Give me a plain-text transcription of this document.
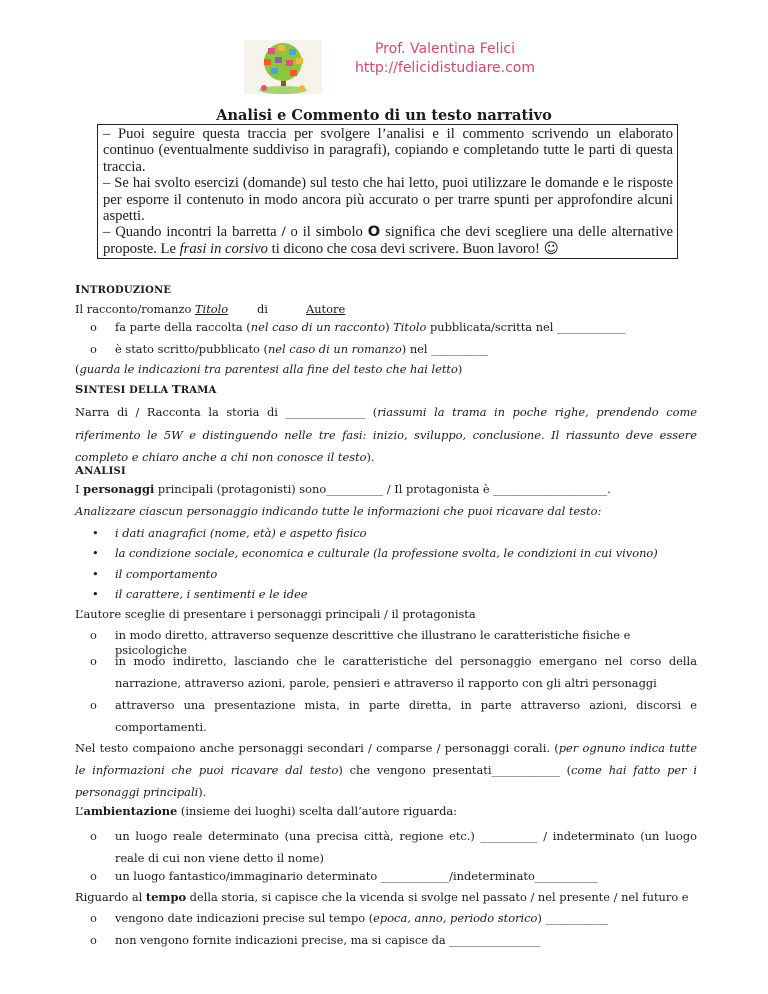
Prof. Valentina Felici
http://felicidistudiare.com
Analisi e Commento di un testo narrativo

– Puoi seguire questa traccia per svolgere l’analisi e il commento scrivendo un elaborato continuo (eventualmente suddiviso in paragrafi), copiando e completando tutte le parti di questa traccia.

– Se hai svolto esercizi (domande) sul testo che hai letto, puoi utilizzare le domande e le risposte per esporre il contenuto in modo ancora più accurato o per trarre spunti per approfondire alcuni aspetti.

– Quando incontri la barretta / o il simbolo O significa che devi scegliere una delle alternative proposte. Le frasi in corsivo ti dicono che cosa devi scrivere. Buon lavoro! ☺

INTRODUZIONE
Il racconto/romanzo Titolo	di	Autore
o fa parte della raccolta (nel caso di un racconto) Titolo pubblicata/scritta nel ____________
o è stato scritto/pubblicato (nel caso di un romanzo) nel __________
(guarda le indicazioni tra parentesi alla fine del testo che hai letto)
SINTESI DELLA TRAMA
Narra di / Racconta la storia di ______________ (riassumi la trama in poche righe, prendendo come riferimento le 5W e distinguendo nelle tre fasi: inizio, sviluppo, conclusione. Il riassunto deve essere completo e chiaro anche a chi non conosce il testo).
ANALISI
I personaggi principali (protagonisti) sono__________ / Il protagonista è ____________________.
Analizzare ciascun personaggio indicando tutte le informazioni che puoi ricavare dal testo:
• i dati anagrafici (nome, età) e aspetto fisico
• la condizione sociale, economica e culturale (la professione svolta, le condizioni in cui vivono)
• il comportamento
• il carattere, i sentimenti e le idee
L’autore sceglie di presentare i personaggi principali / il protagonista
o in modo diretto, attraverso sequenze descrittive che illustrano le caratteristiche fisiche e psicologiche
o in modo indiretto, lasciando che le caratteristiche del personaggio emergano nel corso della narrazione, attraverso azioni, parole, pensieri e attraverso il rapporto con gli altri personaggi
o attraverso una presentazione mista, in parte diretta, in parte attraverso azioni, discorsi e comportamenti.
Nel testo compaiono anche personaggi secondari / comparse / personaggi corali. (per ognuno indica tutte le informazioni che puoi ricavare dal testo) che vengono presentati____________ (come hai fatto per i personaggi principali).
L’ambientazione (insieme dei luoghi) scelta dall’autore riguarda:
o un luogo reale determinato (una precisa città, regione etc.) __________ / indeterminato (un luogo reale di cui non viene detto il nome)
o un luogo fantastico/immaginario determinato ____________/indeterminato___________
Riguardo al tempo della storia, si capisce che la vicenda si svolge nel passato / nel presente / nel futuro e
o vengono date indicazioni precise sul tempo (epoca, anno, periodo storico) ___________
o non vengono fornite indicazioni precise, ma si capisce da ________________
